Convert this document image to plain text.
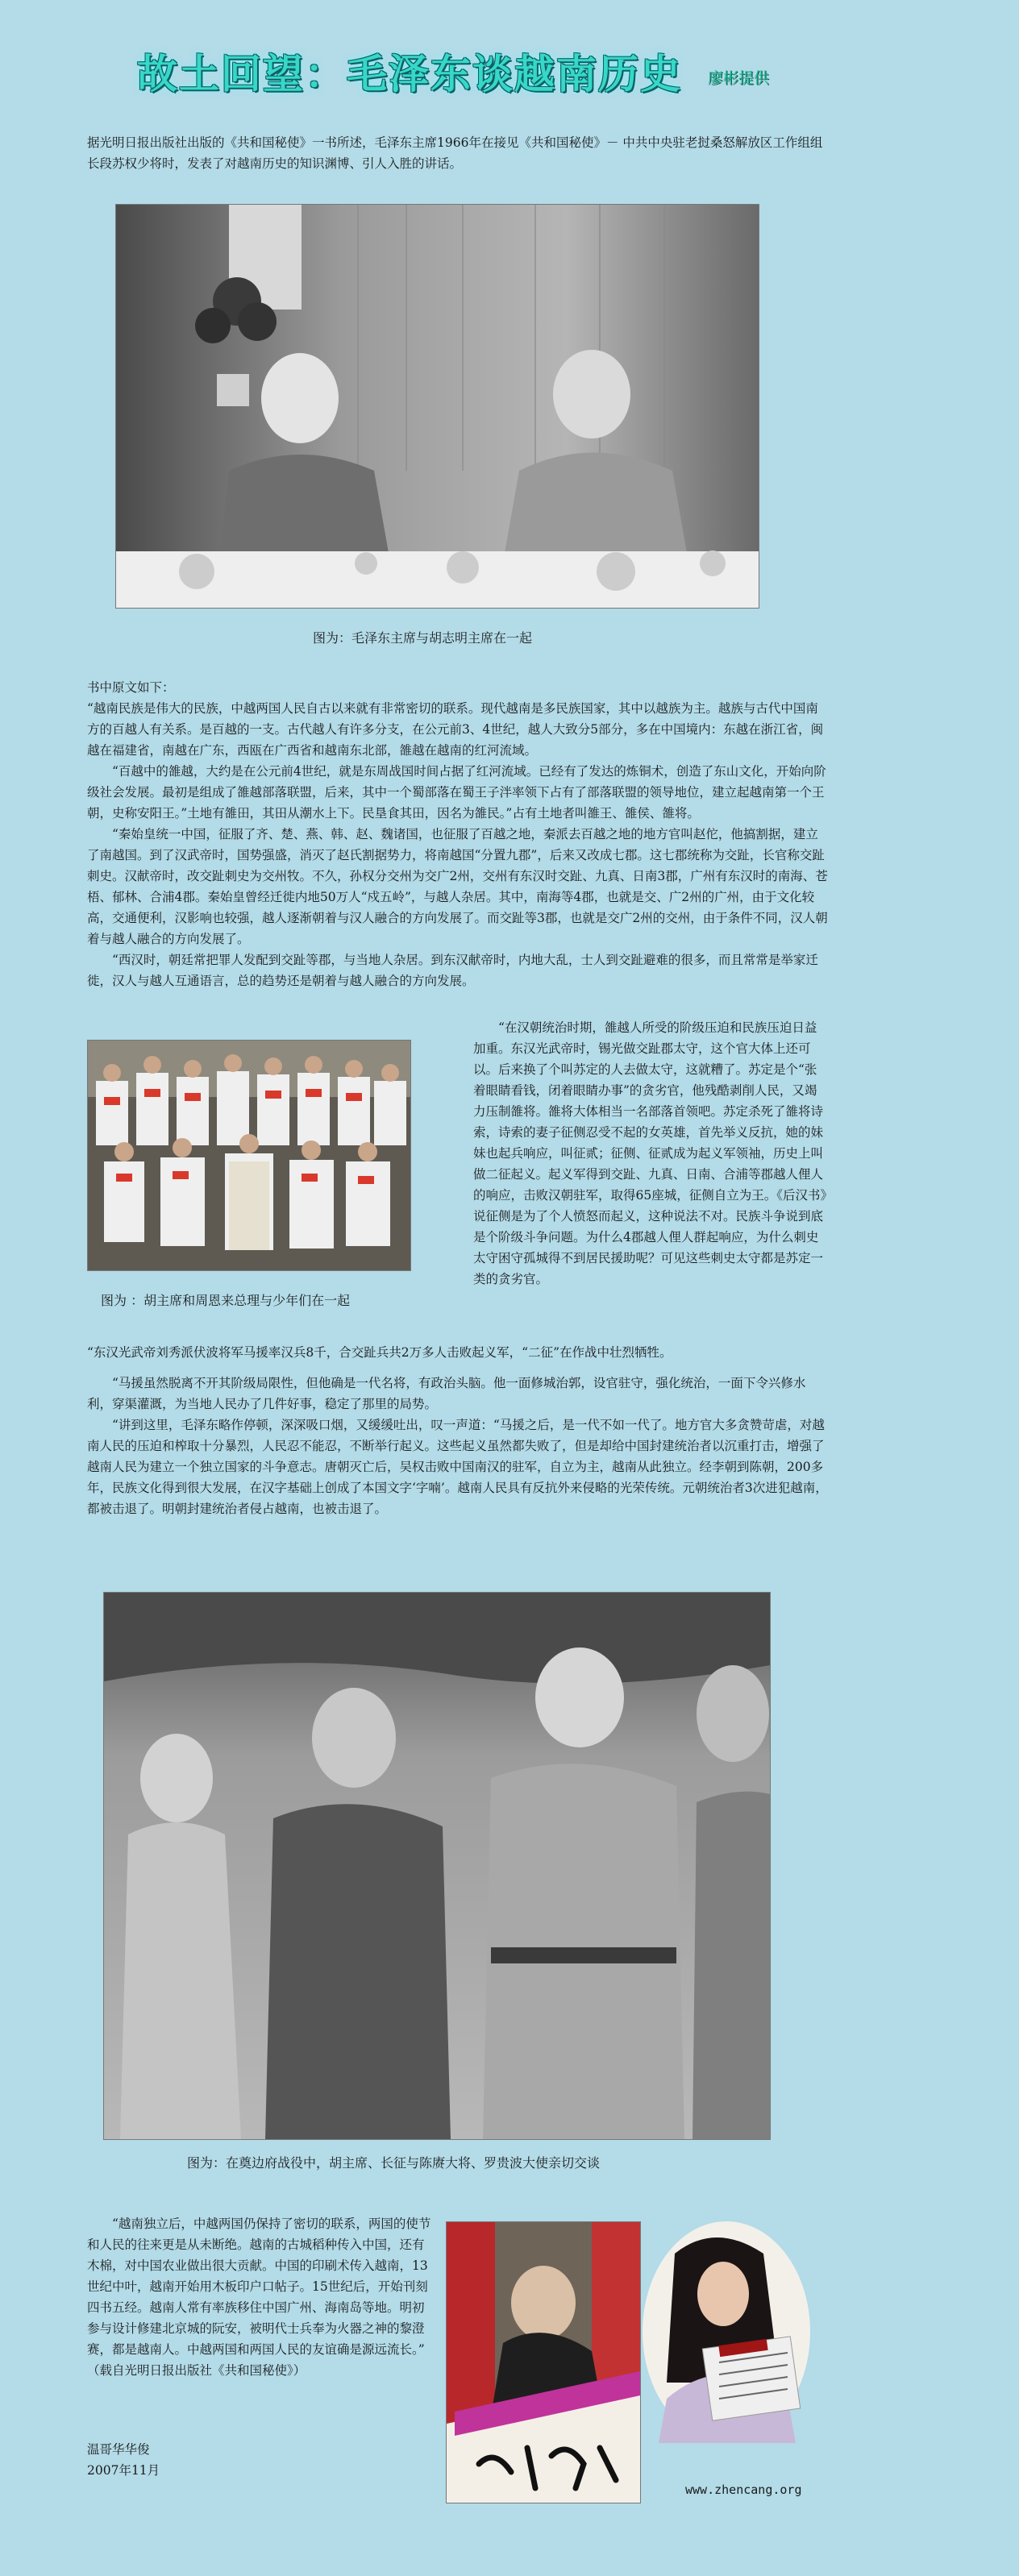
故土回望：毛泽东谈越南历史 廖彬提供
据光明日报出版社出版的《共和国秘使》一书所述，毛泽东主席1966年在接见《共和国秘使》－ 中共中央驻老挝桑怒解放区工作组组长段苏权少将时，发表了对越南历史的知识渊博、引人入胜的讲话。
图为：毛泽东主席与胡志明主席在一起

书中原文如下：

“越南民族是伟大的民族，中越两国人民自古以来就有非常密切的联系。现代越南是多民族国家，其中以越族为主。越族与古代中国南方的百越人有关系。是百越的一支。古代越人有许多分支，在公元前3、4世纪，越人大致分5部分，多在中国境内：东越在浙江省，闽越在福建省，南越在广东，西瓯在广西省和越南东北部，雒越在越南的红河流域。

“百越中的雒越，大约是在公元前4世纪，就是东周战国时间占据了红河流域。已经有了发达的炼铜术，创造了东山文化，开始向阶级社会发展。最初是组成了雒越部落联盟，后来，其中一个蜀部落在蜀王子泮率领下占有了部落联盟的领导地位，建立起越南第一个王朝，史称安阳王。”土地有雒田，其田从潮水上下。民垦食其田，因名为雒民。”占有土地者叫雒王、雒侯、雒将。

“秦始皇统一中国，征服了齐、楚、燕、韩、赵、魏诸国，也征服了百越之地，秦派去百越之地的地方官叫赵佗，他搞割据，建立了南越国。到了汉武帝时，国势强盛，消灭了赵氏割据势力，将南越国“分置九郡”，后来又改成七郡。这七郡统称为交趾，长官称交趾刺史。汉献帝时，改交趾刺史为交州牧。不久，孙权分交州为交广2州，交州有东汉时交趾、九真、日南3郡，广州有东汉时的南海、苍梧、郁林、合浦4郡。秦始皇曾经迁徙内地50万人“戍五岭”，与越人杂居。其中，南海等4郡，也就是交、广2州的广州，由于文化较高，交通便利，汉影响也较强，越人逐渐朝着与汉人融合的方向发展了。而交趾等3郡，也就是交广2州的交州，由于条件不同，汉人朝着与越人融合的方向发展了。

“西汉时，朝廷常把罪人发配到交趾等郡，与当地人杂居。到东汉献帝时，内地大乱，士人到交趾避难的很多，而且常常是举家迁徙，汉人与越人互通语言，总的趋势还是朝着与越人融合的方向发展。

图为 ：胡主席和周恩来总理与少年们在一起

“在汉朝统治时期，雒越人所受的阶级压迫和民族压迫日益加重。东汉光武帝时，锡光做交趾郡太守，这个官大体上还可以。后来换了个叫苏定的人去做太守，这就糟了。苏定是个“张着眼睛看钱，闭着眼睛办事”的贪劣官，他残酷剥削人民，又竭力压制雒将。雒将大体相当一名部落首领吧。苏定杀死了雒将诗索，诗索的妻子征侧忍受不起的女英雄，首先举义反抗，她的妹妹也起兵响应，叫征贰；征侧、征贰成为起义军领袖，历史上叫做二征起义。起义军得到交趾、九真、日南、合浦等郡越人俚人的响应，击败汉朝驻军，取得65座城，征侧自立为王。《后汉书》说征侧是为了个人愤怒而起义，这种说法不对。民族斗争说到底是个阶级斗争问题。为什么4郡越人俚人群起响应，为什么刺史太守困守孤城得不到居民援助呢？可见这些刺史太守都是苏定一类的贪劣官。

“东汉光武帝刘秀派伏波将军马援率汉兵8千，合交趾兵共2万多人击败起义军，“二征”在作战中壮烈牺牲。

“马援虽然脱离不开其阶级局限性，但他确是一代名将，有政治头脑。他一面修城治郭，设官驻守，强化统治，一面下令兴修水利，穿渠灌溉，为当地人民办了几件好事，稳定了那里的局势。

“讲到这里，毛泽东略作停顿，深深吸口烟，又缓缓吐出，叹一声道：“马援之后，是一代不如一代了。地方官大多贪赞苛虐，对越南人民的压迫和榨取十分暴烈，人民忍不能忍，不断举行起义。这些起义虽然都失败了，但是却给中国封建统治者以沉重打击，增强了越南人民为建立一个独立国家的斗争意志。唐朝灭亡后，吴权击败中国南汉的驻军，自立为主，越南从此独立。经李朝到陈朝，200多年，民族文化得到很大发展，在汉字基础上创成了本国文字‘字喃’。越南人民具有反抗外来侵略的光荣传统。元朝统治者3次进犯越南，都被击退了。明朝封建统治者侵占越南，也被击退了。

图为：在奠边府战役中，胡主席、长征与陈赓大将、罗贵波大使亲切交谈

“越南独立后，中越两国仍保持了密切的联系，两国的使节和人民的往来更是从未断绝。越南的古城稻种传入中国，还有木棉，对中国农业做出很大贡献。中国的印刷术传入越南，13世纪中叶，越南开始用木板印户口帖子。15世纪后，开始刊刻四书五经。越南人常有率族移住中国广州、海南岛等地。明初参与设计修建北京城的阮安，被明代士兵奉为火器之神的黎澄赛，都是越南人。中越两国和两国人民的友谊确是源远流长。”

（载自光明日报出版社《共和国秘使》）

温哥华华俊
2007年11月
www.zhencang.org
